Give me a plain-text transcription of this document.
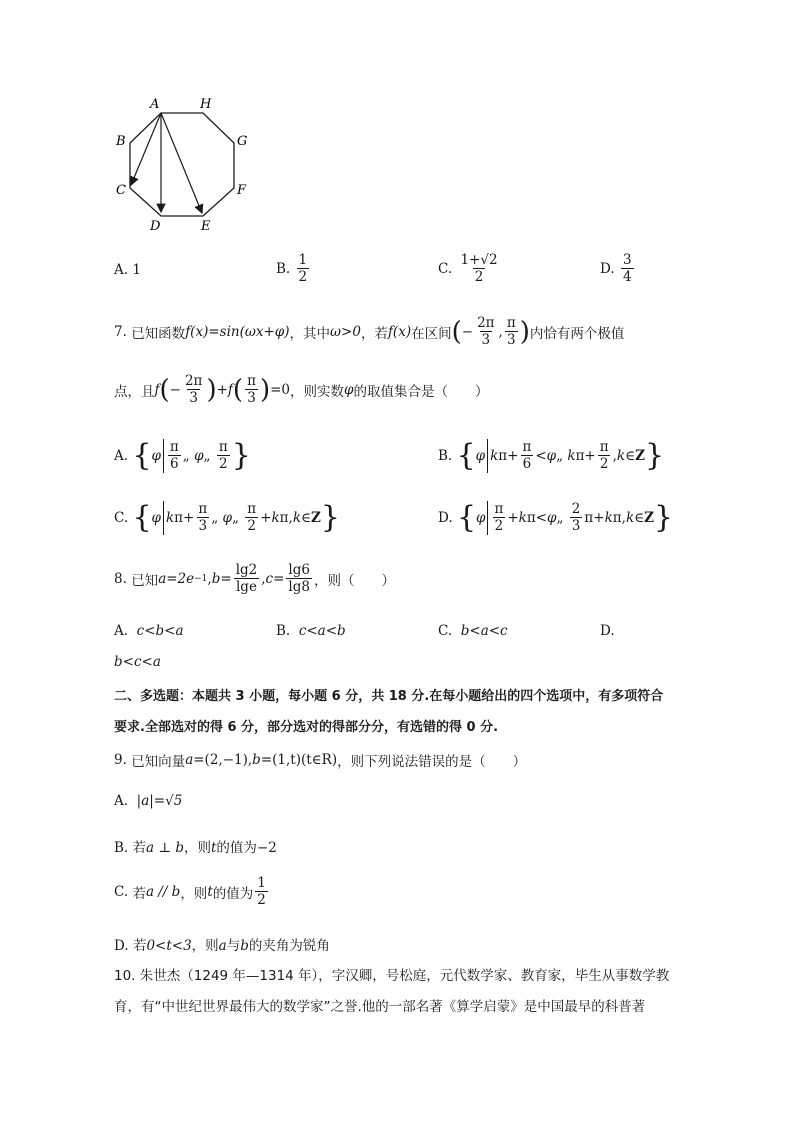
A	H
B	G
C	F
D	E
A. 1	B.
$\frac{1}{2}$	C.
$\frac{1+√2}{2}$	D.
$\frac{3}{4}$
7.
已知函数 f(x)=sin(ωx+φ) ，其中 ω>0 ，若 f(x) 在区间 ( − $\frac{2\pi}{3}$ , $\frac{\pi}{3}$ ) 内恰有两个极值
点，且 f ( − $\frac{2\pi}{3}$ ) + f ( $\frac{\pi}{3}$ ) =0 ，则实数 φ 的取值集合是（　　）
A.
{ φ $\frac{\pi}{6}$ „ φ „ $\frac{\pi}{2}$ }	B.
{ φ k $\pi+ \frac{\pi}{6} < \varphi$ „ k $\pi+ \frac{\pi}{2}$ , k ∈ Z }
C.
{ φ k $\pi+ \frac{\pi}{3}$ „ φ „ $\frac{\pi}{2} + k$ π, k ∈ Z }	D.
{ φ $\frac{\pi}{2} + k$ π< φ „ $\frac{2}{3} \pi+ k$ π, k ∈ Z }
8.
已知 a=2e −1 , $b = \frac{\lg 2}{\lg e}$ , $c = \frac{\lg 6}{\lg 8}$ ，则（　　）
A. c<b<a	B. c<a<b	C. b<a<c	D.
b<c<a
二、多选题：本题共 3 小题，每小题 6 分，共 18 分.在每小题给出的四个选项中，有多项符合
要求.全部选对的得 6 分，部分选对的得部分分，有选错的得 0 分.
9.
已知向量 a =(2,−1), b =(1,t)(t∈R) ，则下列说法错误的是（　　）
A. |a|=√5
B. 若a ⊥ b，则t的值为−2
C.
若 a // b ，则 t 的值为 $\frac{1}{2}$
D. 若0<t<3，则a与b的夹角为锐角
10. 朱世杰（1249 年—1314 年），字汉卿，号松庭，元代数学家、教育家，毕生从事数学教
育，有“中世纪世界最伟大的数学家”之誉.他的一部名著《算学启蒙》是中国最早的科普著
